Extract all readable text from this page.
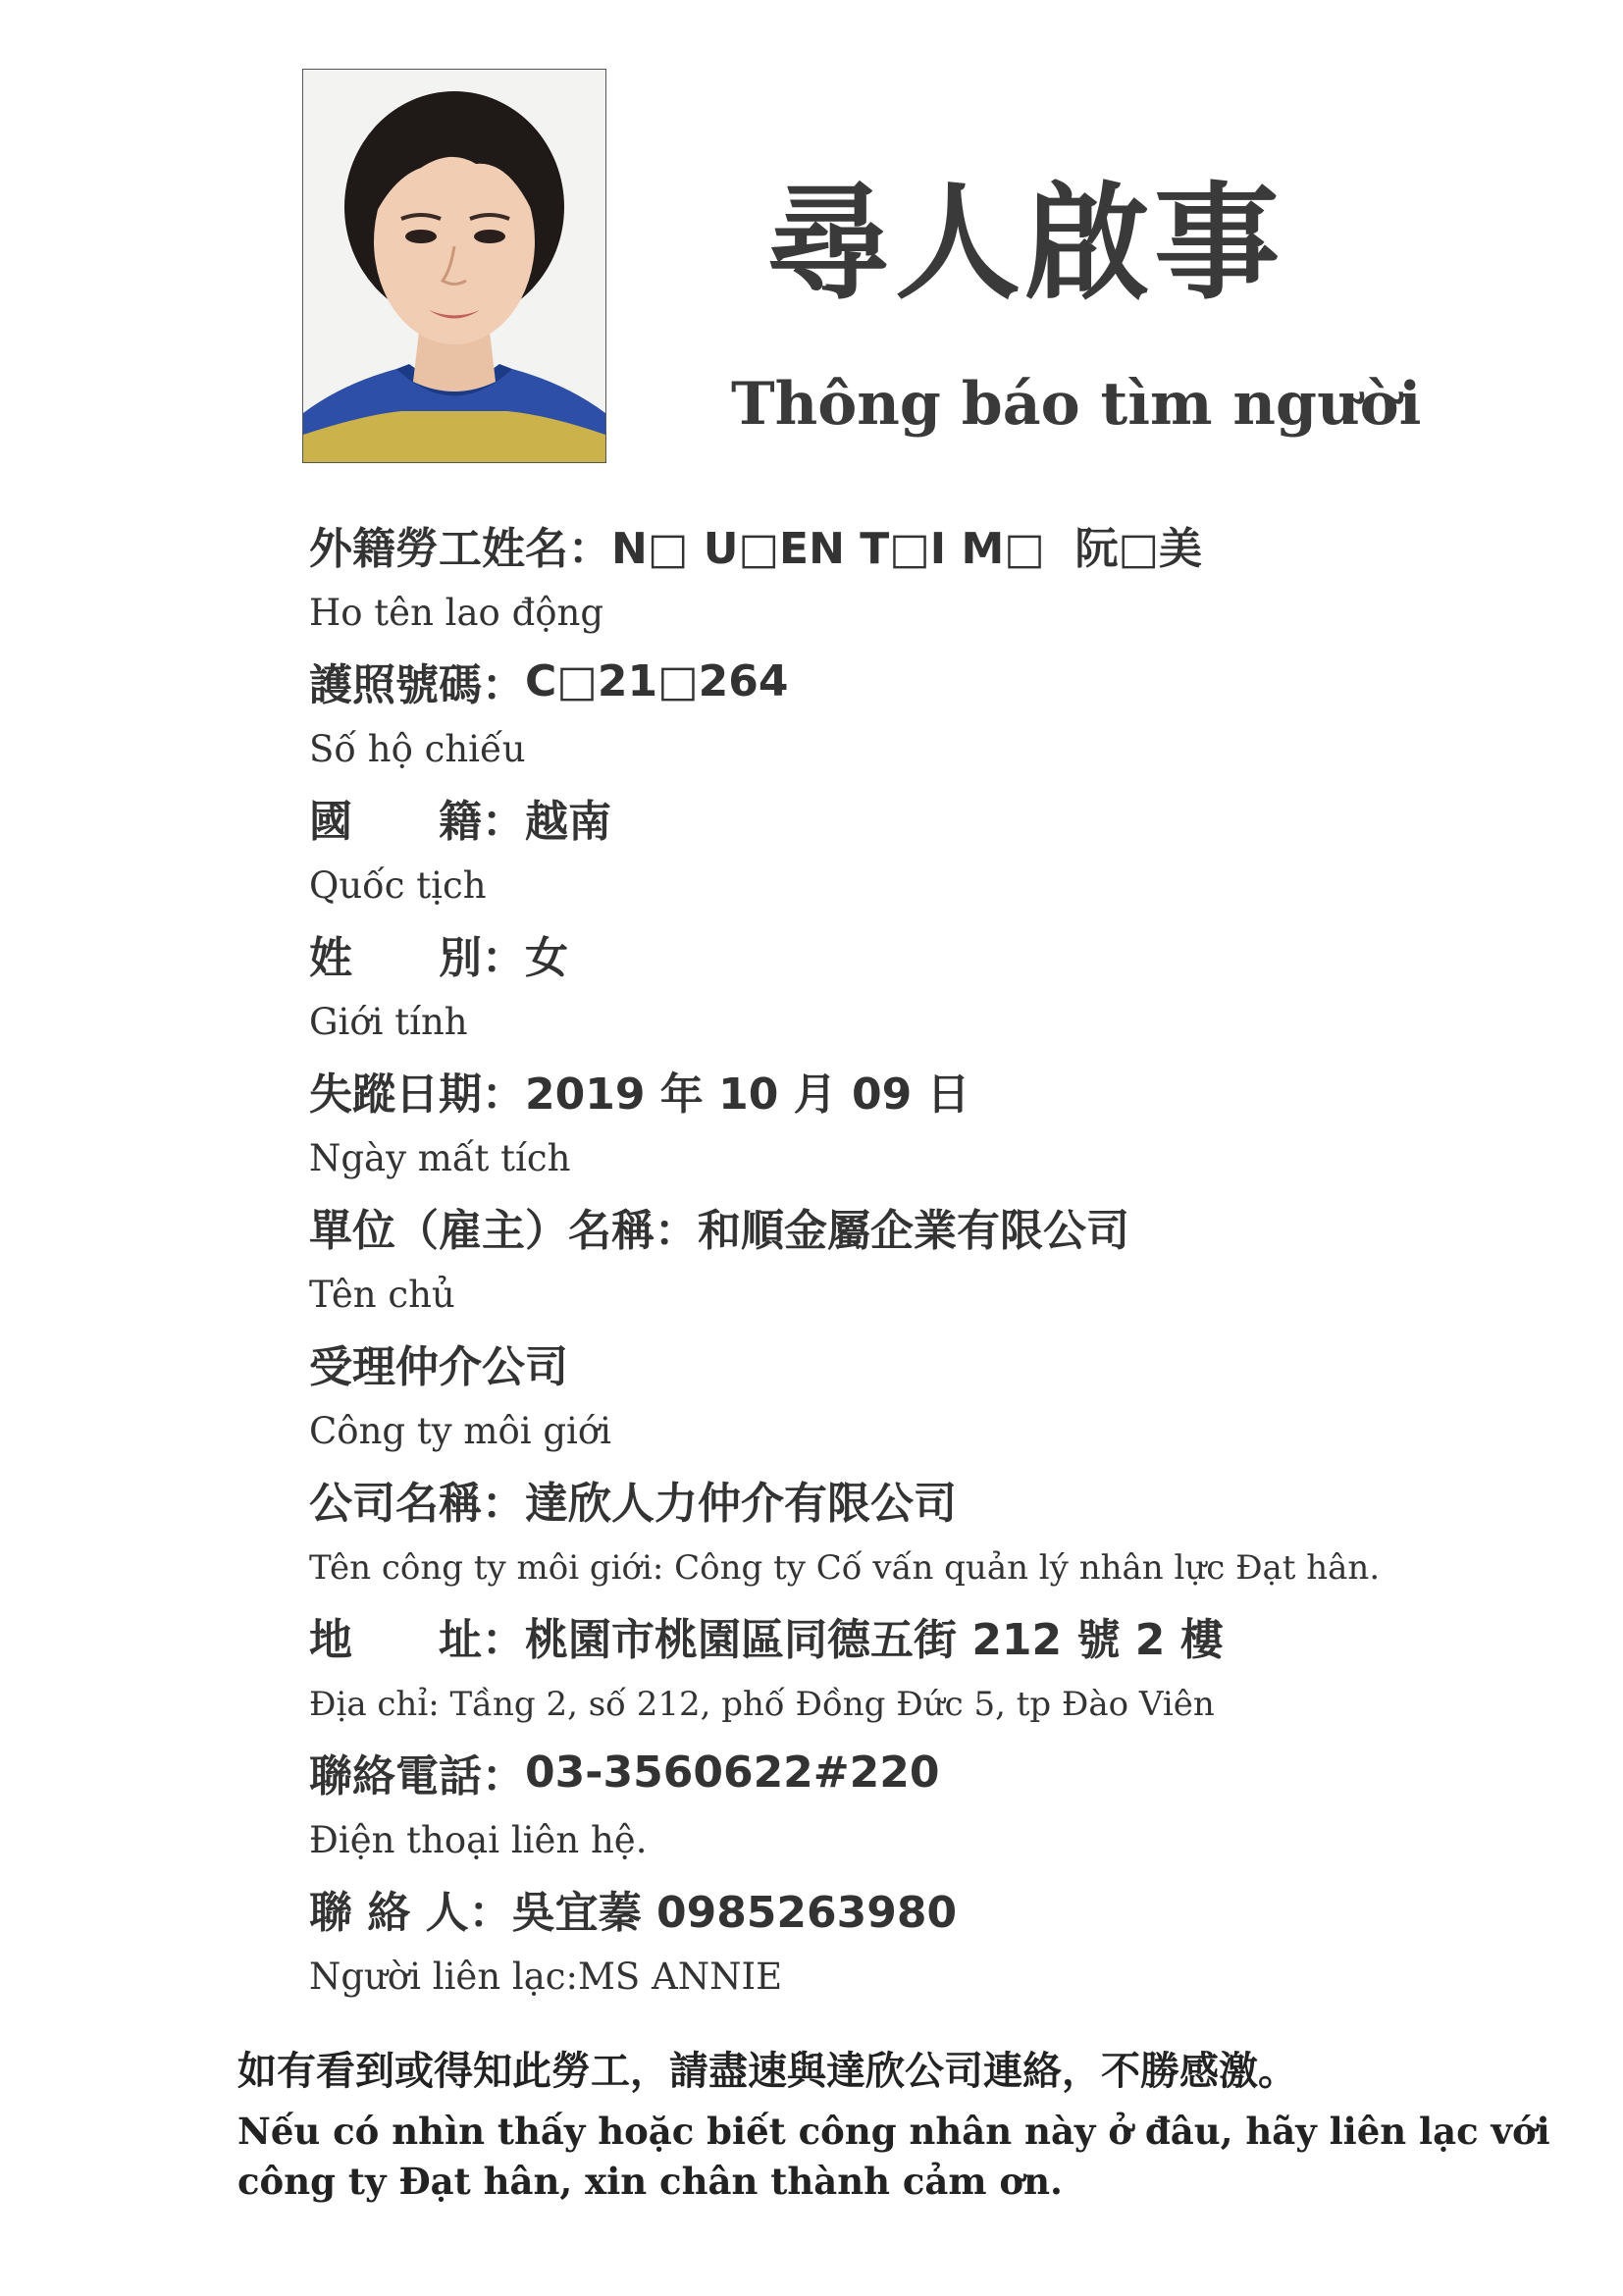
尋人啟事
Thông báo tìm người
外籍勞工姓名 ： N□ U□EN T□I M□  阮□美
Ho tên lao động
護照號碼 ： C□21□264
Số hộ chiếu
國　　籍 ： 越南
Quốc tịch
姓　　別 ： 女
Giới tính
失蹤日期 ： 2019 年 10 月 09 日
Ngày mất tích
單位（雇主）名稱 ： 和順金屬企業有限公司
Tên chủ
受理仲介公司
Công ty môi giới
公司名稱 ： 達欣人力仲介有限公司
Tên công ty môi giới: Công ty Cố vấn quản lý nhân lực Đạt hân.
地　　址 ： 桃園市桃園區同德五街 212 號 2 樓
Địa chỉ: Tầng 2, số 212, phố Đồng Đức 5, tp Đào Viên
聯絡電話 ： 03-3560622#220
Điện thoại liên hệ.
聯 絡 人 ： 吳宜蓁 0985263980
Người liên lạc:MS ANNIE
如有看到或得知此勞工，請盡速與達欣公司連絡，不勝感激。
Nếu có nhìn thấy hoặc biết công nhân này ở đâu, hãy liên lạc với công ty Đạt hân, xin chân thành cảm ơn.
